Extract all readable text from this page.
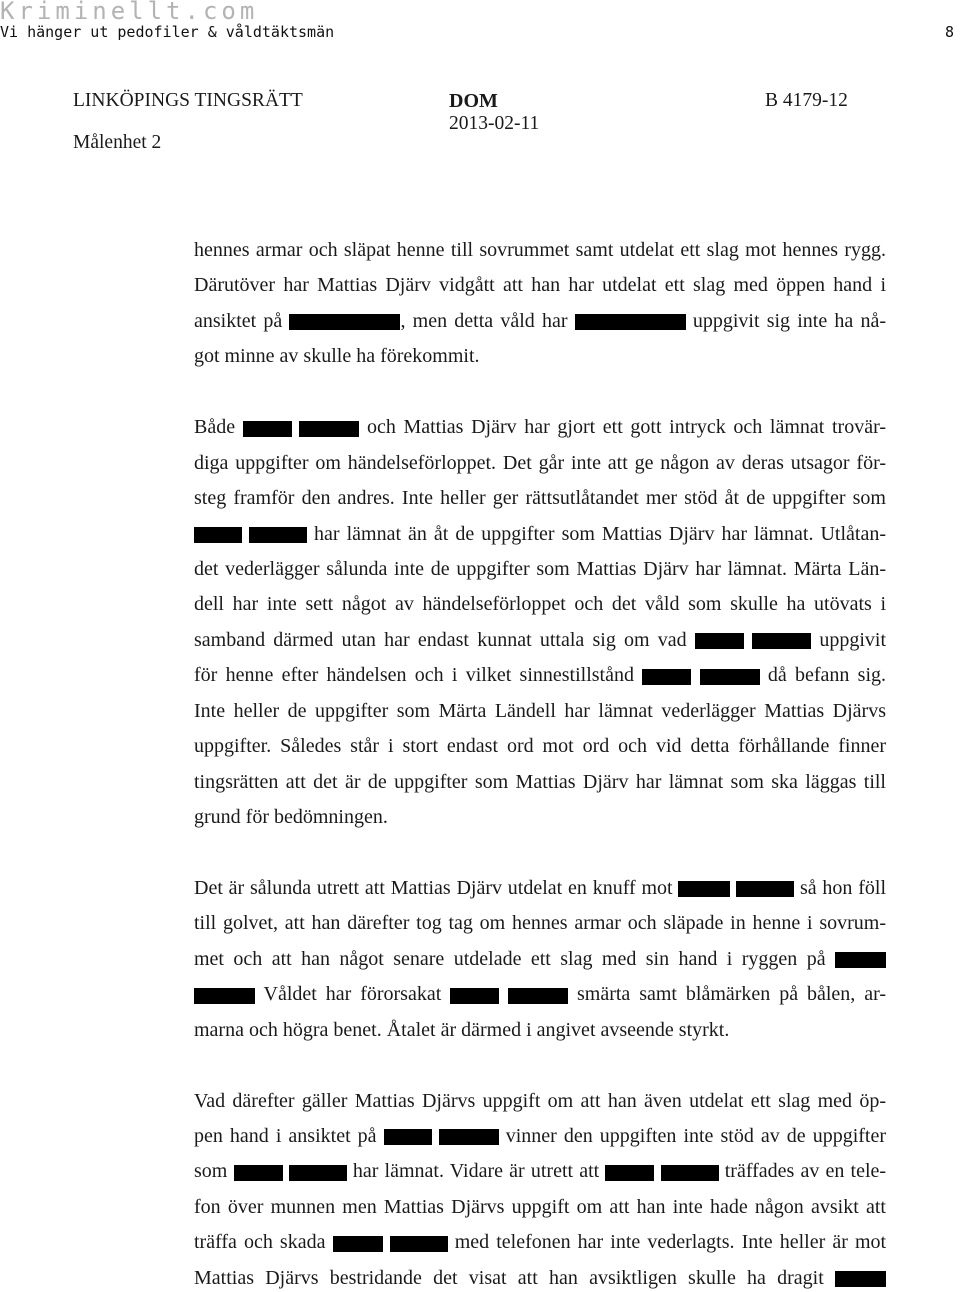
Kriminellt.com
Vi hänger ut pedofiler & våldtäktsmän	8
LINKÖPINGS TINGSRÄTT	DOM	B 4179-12
2013-02-11
Målenhet 2
hennes armar och släpat henne till sovrummet samt utdelat ett slag mot hennes rygg.
Därutöver har Mattias Djärv vidgått att han har utdelat ett slag med öppen hand i
ansiktet på	, men detta våld har	uppgivit sig inte ha nå-
got minne av skulle ha förekommit.
Både	och Mattias Djärv har gjort ett gott intryck och lämnat trovär-
diga uppgifter om händelseförloppet. Det går inte att ge någon av deras utsagor för-
steg framför den andres. Inte heller ger rättsutlåtandet mer stöd åt de uppgifter som
har lämnat än åt de uppgifter som Mattias Djärv har lämnat. Utlåtan-
det vederlägger sålunda inte de uppgifter som Mattias Djärv har lämnat. Märta Län-
dell har inte sett något av händelseförloppet och det våld som skulle ha utövats i
samband därmed utan har endast kunnat uttala sig om vad	uppgivit
för henne efter händelsen och i vilket sinnestillstånd	då befann sig.
Inte heller de uppgifter som Märta Ländell har lämnat vederlägger Mattias Djärvs
uppgifter. Således står i stort endast ord mot ord och vid detta förhållande finner
tingsrätten att det är de uppgifter som Mattias Djärv har lämnat som ska läggas till
grund för bedömningen.
Det är sålunda utrett att Mattias Djärv utdelat en knuff mot	så hon föll
till golvet, att han därefter tog tag om hennes armar och släpade in henne i sovrum-
met och att han något senare utdelade ett slag med sin hand i ryggen på
Våldet har förorsakat	smärta samt blåmärken på bålen, ar-
marna och högra benet. Åtalet är därmed i angivet avseende styrkt.
Vad därefter gäller Mattias Djärvs uppgift om att han även utdelat ett slag med öp-
pen hand i ansiktet på	vinner den uppgiften inte stöd av de uppgifter
som	har lämnat. Vidare är utrett att	träffades av en tele-
fon över munnen men Mattias Djärvs uppgift om att han inte hade någon avsikt att
träffa och skada	med telefonen har inte vederlagts. Inte heller är mot
Mattias Djärvs bestridande det visat att han avsiktligen skulle ha dragit
